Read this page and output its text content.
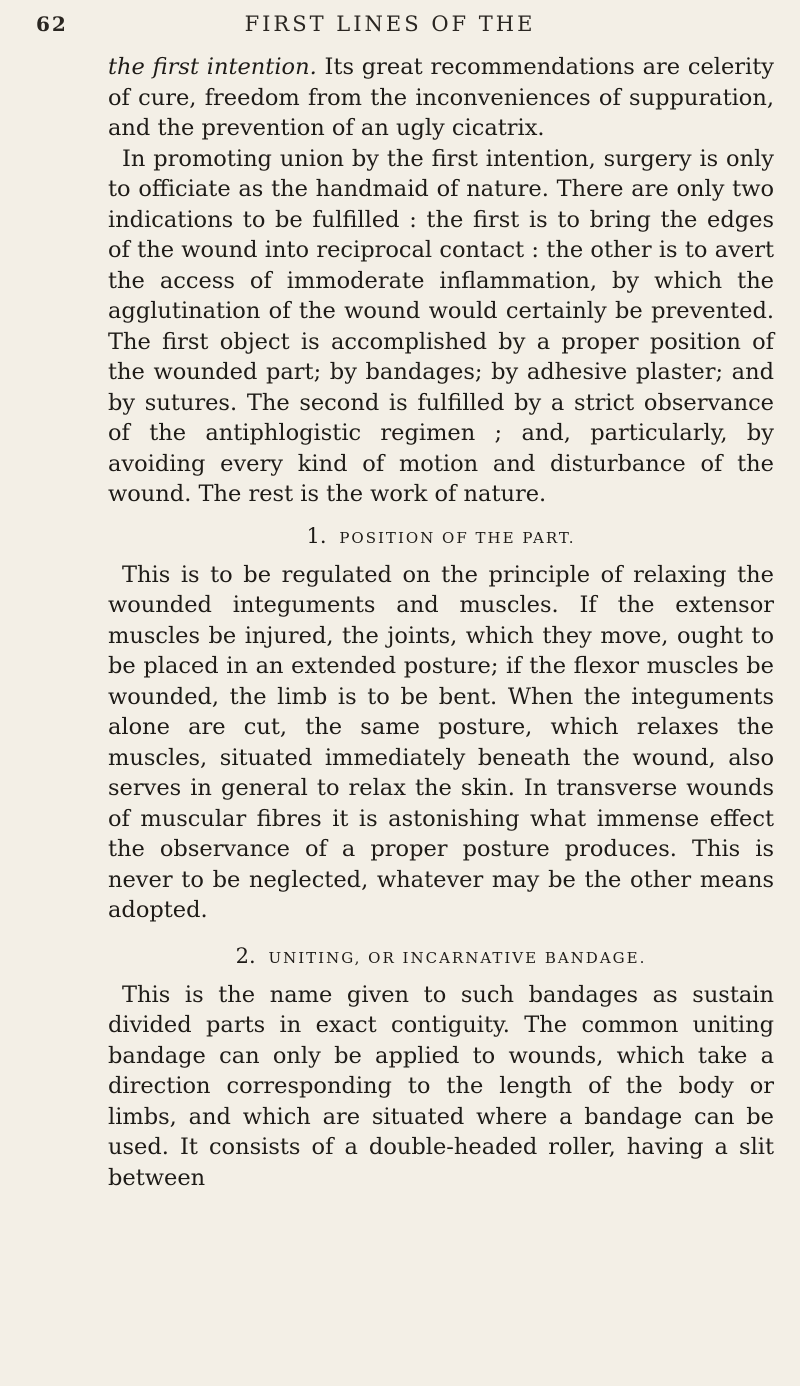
62	FIRST LINES OF THE

the first intention. Its great recommendations are celerity of cure, freedom from the inconveniences of suppuration, and the prevention of an ugly cicatrix.

In promoting union by the first intention, surgery is only to officiate as the handmaid of nature. There are only two indications to be fulfilled : the first is to bring the edges of the wound into reciprocal contact : the other is to avert the access of immoderate inflammation, by which the agglutination of the wound would certainly be prevented. The first object is accomplished by a proper position of the wounded part; by bandages; by adhesive plaster; and by sutures. The second is fulfilled by a strict observance of the antiphlogistic regimen ; and, particularly, by avoiding every kind of motion and disturbance of the wound. The rest is the work of nature.

1. POSITION OF THE PART.

This is to be regulated on the principle of relaxing the wounded integuments and muscles. If the extensor muscles be injured, the joints, which they move, ought to be placed in an extended posture; if the flexor muscles be wounded, the limb is to be bent. When the integuments alone are cut, the same posture, which relaxes the muscles, situated immediately beneath the wound, also serves in general to relax the skin. In transverse wounds of muscular fibres it is astonishing what immense effect the observance of a proper posture produces. This is never to be neglected, whatever may be the other means adopted.

2. UNITING, OR INCARNATIVE BANDAGE.

This is the name given to such bandages as sustain divided parts in exact contiguity. The common uniting bandage can only be applied to wounds, which take a direction corresponding to the length of the body or limbs, and which are situated where a bandage can be used. It consists of a double-headed roller, having a slit between
